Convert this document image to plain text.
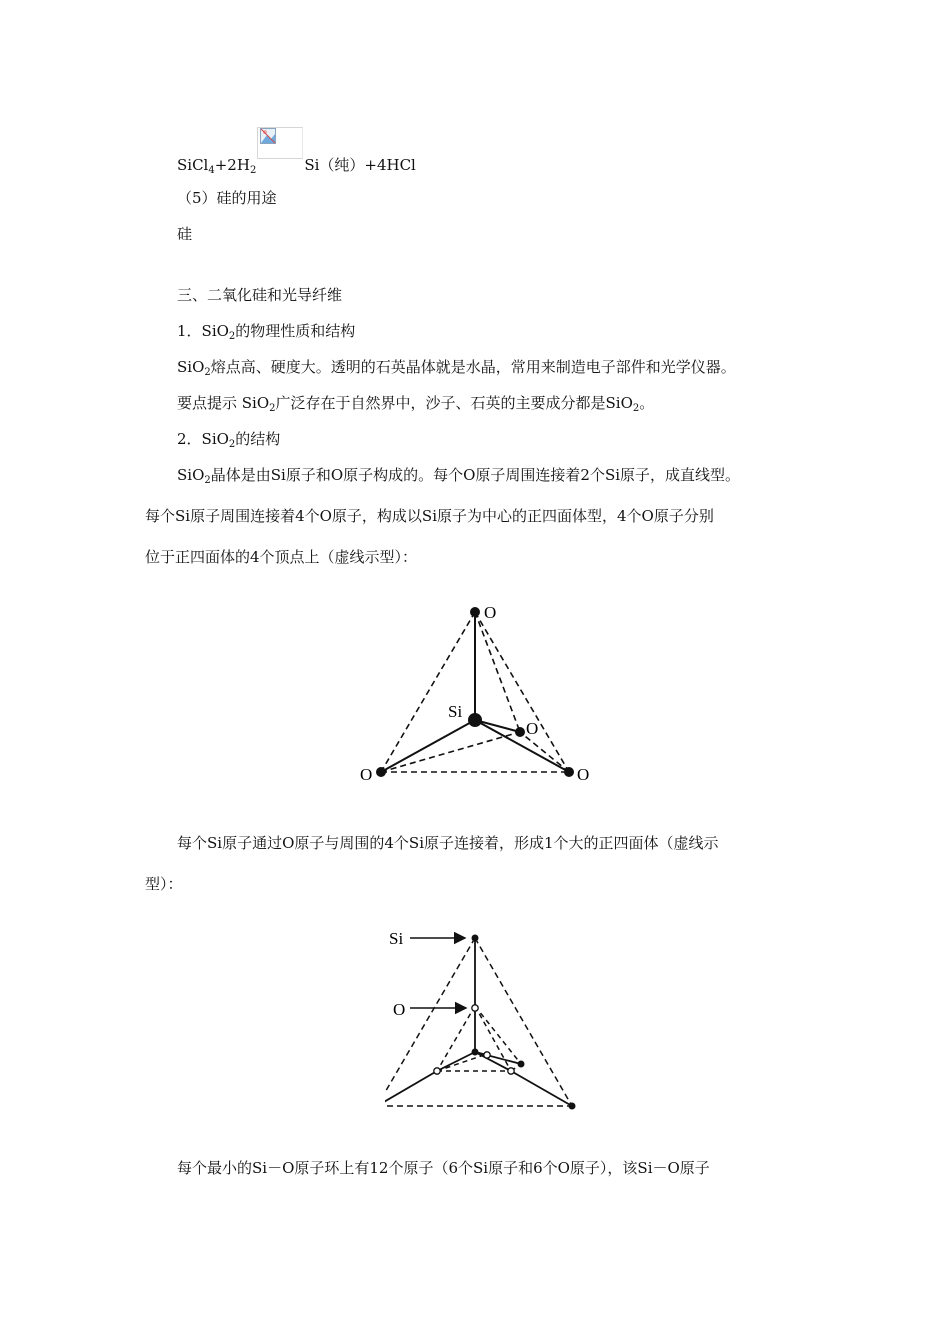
$SiCl_4+2H_2$	Si（纯）+4HCl
（5）硅的用途
硅
三、二氧化硅和光导纤维
1．SiO$_2$的物理性质和结构
SiO$_2$熔点高、硬度大。透明的石英晶体就是水晶，常用来制造电子部件和光学仪器。
要点提示 SiO$_2$广泛存在于自然界中，沙子、石英的主要成分都是SiO$_2$。
2．SiO$_2$的结构
SiO$_2$晶体是由Si原子和O原子构成的。每个O原子周围连接着2个Si原子，成直线型。
每个Si原子周围连接着4个O原子，构成以Si原子为中心的正四面体型，4个O原子分别
位于正四面体的4个顶点上（虚线示型）：
O
Si
O
O	O
每个Si原子通过O原子与周围的4个Si原子连接着，形成1个大的正四面体（虚线示
型）：
Si
O
每个最小的Si－O原子环上有12个原子（6个Si原子和6个O原子），该Si－O原子
